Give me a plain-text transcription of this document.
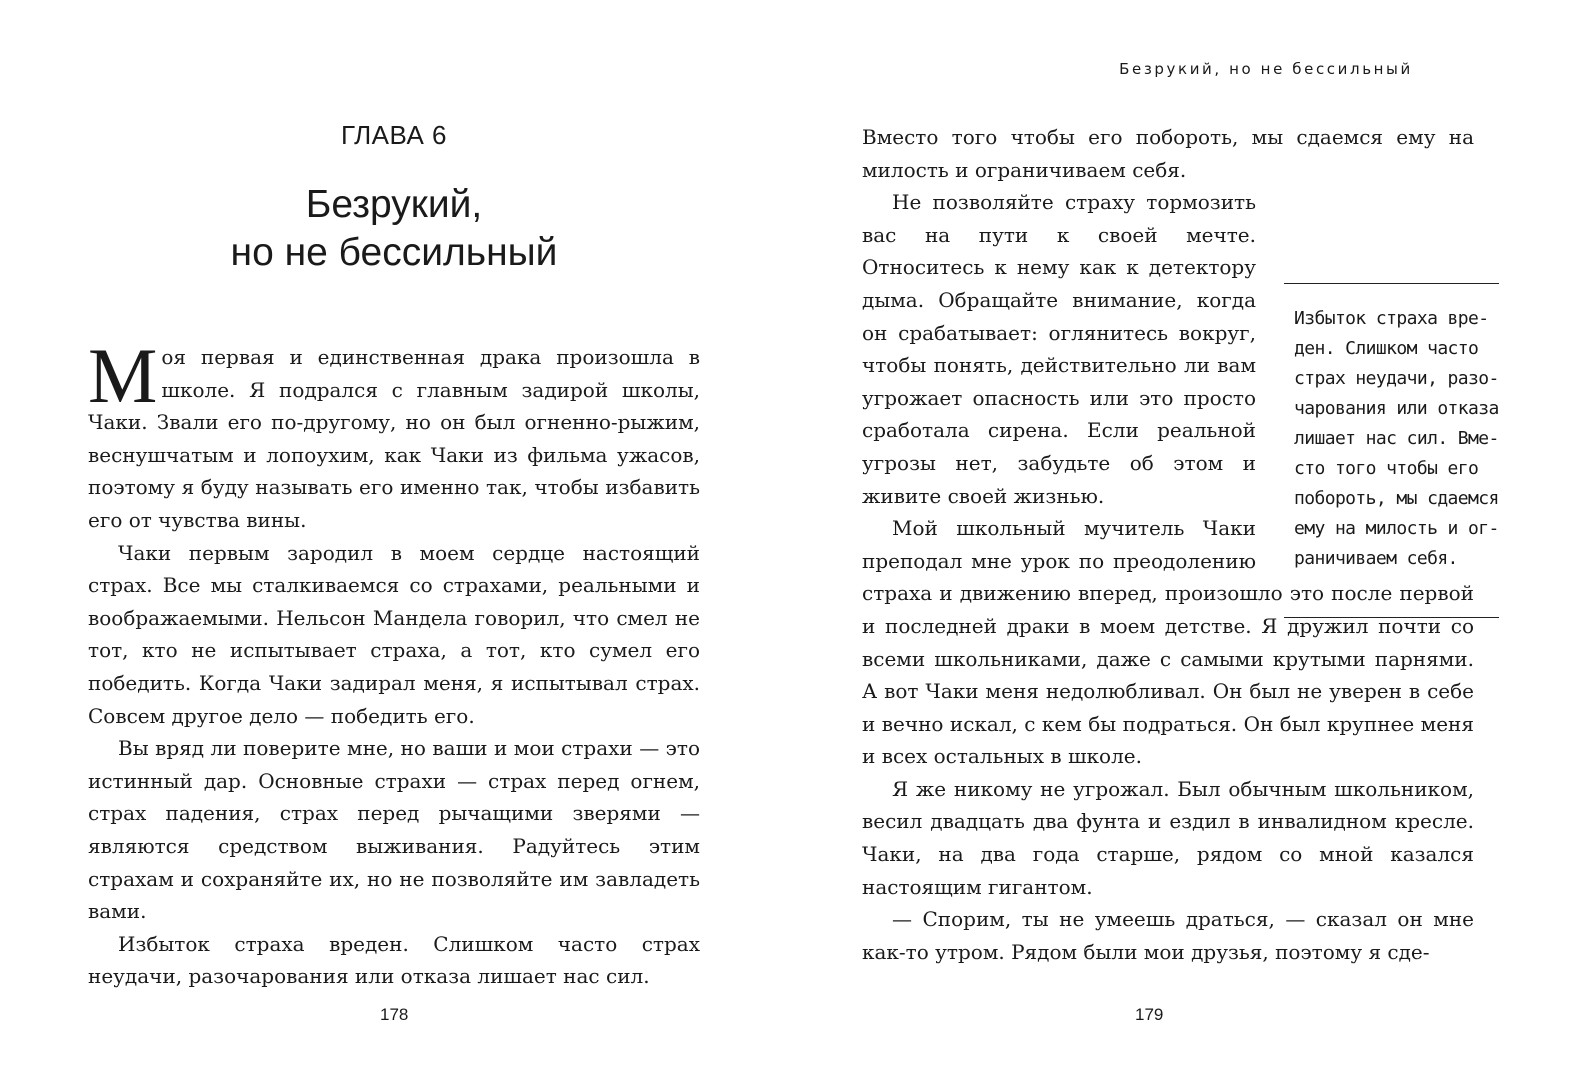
ГЛАВА 6
Безрукий,
но не бессильный

Моя первая и единственная драка произошла в школе. Я подрался с главным задирой школы, Чаки. Звали его по-другому, но он был огненно-рыжим, веснушчатым и лопоухим, как Чаки из фильма ужасов, поэтому я буду называть его именно так, чтобы избавить его от чувства вины.

Чаки первым зародил в моем сердце настоящий страх. Все мы сталкиваемся со страхами, реальными и воображаемыми. Нельсон Мандела говорил, что смел не тот, кто не испытывает страха, а тот, кто сумел его победить. Когда Чаки задирал меня, я испытывал страх. Совсем другое дело — победить его.

Вы вряд ли поверите мне, но ваши и мои страхи — это истинный дар. Основные страхи — страх перед огнем, страх падения, страх перед рычащими зверями — являются средством выживания. Радуйтесь этим страхам и сохраняйте их, но не позволяйте им завладеть вами.

Избыток страха вреден. Слишком часто страх неудачи, разочарования или отказа лишает нас сил.

178
Безрукий, но не бессильный

Вместо того чтобы его побороть, мы сдаемся ему на милость и ограничиваем себя.

Не позволяйте страху тормозить вас на пути к своей мечте. Относитесь к нему как к детектору дыма. Обращайте внимание, когда он срабатывает: оглянитесь вокруг, чтобы понять, действительно ли вам угрожает опасность или это просто сработала сирена. Если реальной угрозы нет, забудьте об этом и живите своей жизнью.

Мой школьный мучитель Чаки преподал мне урок по преодолению страха и движению вперед, произошло это после первой и последней драки в моем детстве. Я дружил почти со всеми школьниками, даже с самыми крутыми парнями. А вот Чаки меня недолюбливал. Он был не уверен в себе и вечно искал, с кем бы подраться. Он был крупнее меня и всех остальных в школе.

Я же никому не угрожал. Был обычным школьником, весил двадцать два фунта и ездил в инвалидном кресле. Чаки, на два года старше, рядом со мной казался настоящим гигантом.

— Спорим, ты не умеешь драться, — сказал он мне как-то утром. Рядом были мои друзья, поэтому я сде-

Избыток страха вре-
ден. Слишком часто
страх неудачи, разо-
чарования или отказа
лишает нас сил. Вме-
сто того чтобы его
побороть, мы сдаемся
ему на милость и ог-
раничиваем себя.
179
